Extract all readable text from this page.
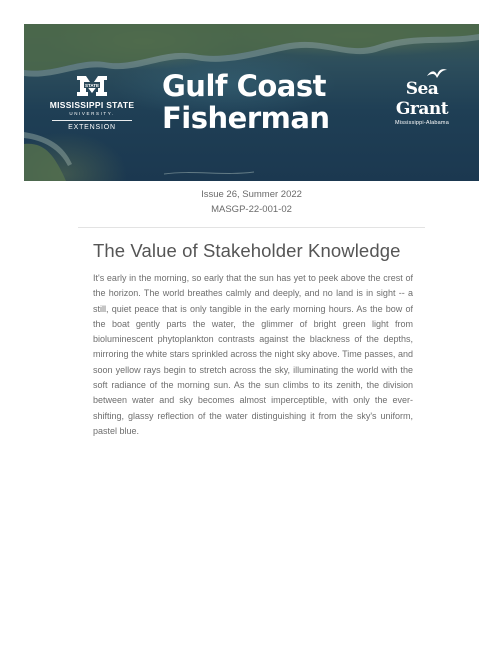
STATE
MISSISSIPPI STATE
UNIVERSITY.
EXTENSION
Gulf Coast
Fisherman
Sea Grant
Mississippi-Alabama
Issue 26, Summer 2022
MASGP-22-001-02
The Value of Stakeholder Knowledge

It's early in the morning, so early that the sun has yet to peek above the crest of the horizon. The world breathes calmly and deeply, and no land is in sight -- a still, quiet peace that is only tangible in the early morning hours. As the bow of the boat gently parts the water, the glimmer of bright green light from bioluminescent phytoplankton contrasts against the blackness of the depths, mirroring the white stars sprinkled across the night sky above. Time passes, and soon yellow rays begin to stretch across the sky, illuminating the world with the soft radiance of the morning sun. As the sun climbs to its zenith, the division between water and sky becomes almost imperceptible, with only the ever-shifting, glassy reflection of the water distinguishing it from the sky's uniform, pastel blue.
